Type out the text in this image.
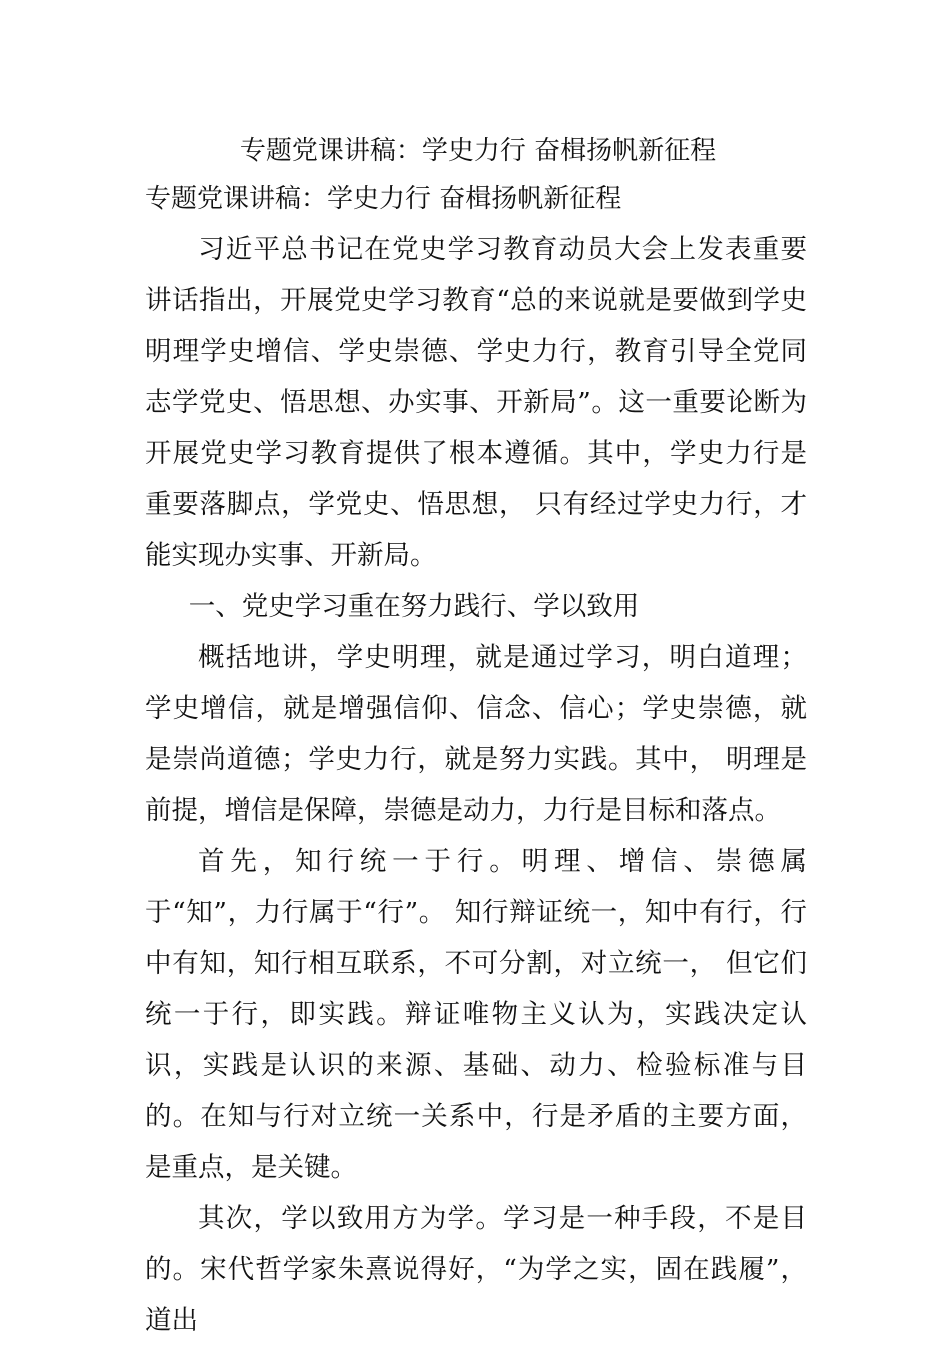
专题党课讲稿：学史力行 奋楫扬帆新征程

专题党课讲稿：学史力行 奋楫扬帆新征程

习近平总书记在党史学习教育动员大会上发表重要讲话指出，开展党史学习教育“总的来说就是要做到学史明理学史增信、学史崇德、学史力行，教育引导全党同志学党史、悟思想、办实事、开新局”。这一重要论断为开展党史学习教育提供了根本遵循。其中，学史力行是重要落脚点，学党史、悟思想， 只有经过学史力行，才能实现办实事、开新局。

一、党史学习重在努力践行、学以致用

概括地讲，学史明理，就是通过学习，明白道理；学史增信，就是增强信仰、信念、信心；学史崇德，就是崇尚道德；学史力行，就是努力实践。其中， 明理是前提，增信是保障，崇德是动力，力行是目标和落点。

首先，知行统一于行。明理、增信、崇德属于“知”，力行属于“行”。 知行辩证统一，知中有行，行中有知，知行相互联系，不可分割，对立统一， 但它们统一于行，即实践。辩证唯物主义认为，实践决定认识，实践是认识的来源、基础、动力、检验标准与目的。在知与行对立统一关系中，行是矛盾的主要方面，是重点，是关键。

其次，学以致用方为学。学习是一种手段，不是目的。宋代哲学家朱熹说得好，“为学之实，固在践履”，道出
